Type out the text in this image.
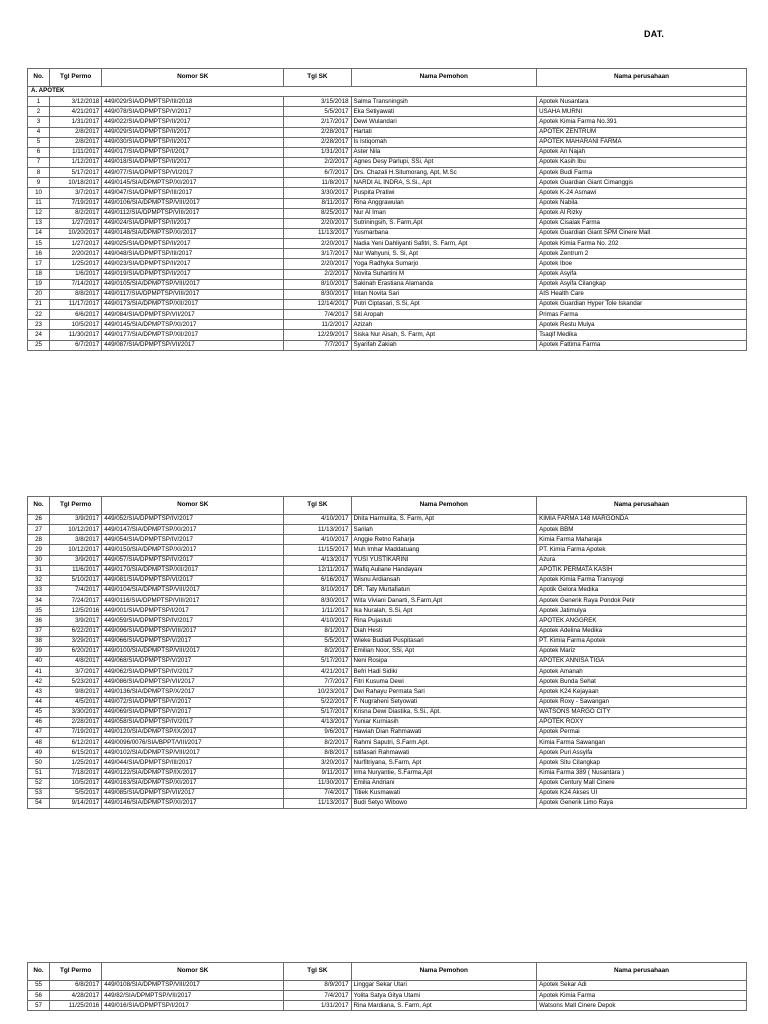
DAT.
No.	Tgl Permo	Nomor SK	Tgl SK	Nama Pemohon	Nama perusahaan
A. APOTEK					
1	3/12/2018	449/029/SIA/DPMPTSP/III/2018	3/15/2018	Salma Transningsih	Apotek Nusantara
2	4/21/2017	449/078/SIA/DPMPTSP/V/2017	5/5/2017	Eka Setiyawati	USAHA MURNI
3	1/31/2017	449/022/SIA/DPMPTSP/II/2017	2/17/2017	Dewi Wulandari	Apotek Kimia Farma No.391
4	2/8/2017	449/029/SIA/DPMPTSP/II/2017	2/28/2017	Hartati	APOTEK ZENTRUM
5	2/8/2017	449/030/SIA/DPMPTSP/II/2017	2/28/2017	Is Istiqomah	APOTEK MAHARANI FARMA
6	1/11/2017	449/017/SIA/DPMPTSP/I/2017	1/31/2017	Aster Nila	Apotek An Najah
7	1/12/2017	449/018/SIA/DPMPTSP/II/2017	2/2/2017	Agnes Desy Parlupi, SSi, Apt	Apotek Kasih Ibu
8	5/17/2017	449/077/SIA/DPMPTSP/VI/2017	6/7/2017	Drs. Chazali H.Situmorang, Apt, M.Sc	Apotek Budi Farma
9	10/18/2017	449/0145/SIA/DPMPTSP/XI/2017	11/8/2017	NARDI AL INDRA, S.Si., Apt	Apotek Guardian Giant Cimanggis
10	3/7/2017	449/047/SIA/DPMPTSP/III/2017	3/30/2017	Puspita Pratiwi	Apotek K-24 Asmawi
11	7/19/2017	449/0106/SIA/DPMPTSP/VIII/2017	8/11/2017	Rina Anggrawulan	Apotek Nabila
12	8/2/2017	449/0112/SIA/DPMPTSP/VIII/2017	8/25/2017	Nur Al Iman	Apotek Al Rizky
13	1/27/2017	449/024/SIA/DPMPTSP/II/2017	2/20/2017	Sutriningsih, S. Farm,Apt	Apotek Cisalak Farma
14	10/20/2017	449/0148/SIA/DPMPTSP/XI/2017	11/13/2017	Yusmarbana	Apotek Guardian Giant SPM Cinere Mall
15	1/27/2017	449/025/SIA/DPMPTSP/II/2017	2/20/2017	Nadia Yeni Dahliyanti Safitri, S. Farm, Apt	Apotek Kimia Farma No. 202
16	2/20/2017	449/048/SIA/DPMPTSP/III/2017	3/17/2017	Nur Wahyuni, S. Si, Apt	Apotek Zentrum 2
17	1/25/2017	449/023/SIA/DPMPTSP/II/2017	2/20/2017	Yoga Radhyka Sumarjo	Apotek Iboe
18	1/6/2017	449/019/SIA/DPMPTSP/II/2017	2/2/2017	Novita Suhartini M	Apotek Asyifa
19	7/14/2017	449/0105/SIA/DPMPTSP/VIII/2017	8/10/2017	Sakinah Erastiana Alamanda	Apotek Asyifa Cilangkap
20	8/8/2017	449/0117/SIA/DPMPTSP/VIII/2017	8/30/2017	Intan Novita Sari	AIS Health Care
21	11/17/2017	449/0173/SIA/DPMPTSP/XII/2017	12/14/2017	Putri Ciptasari, S.Si, Apt	Apotek Guardian Hyper Tole Iskandar
22	6/6/2017	449/084/SIA/DPMPTSP/VII/2017	7/4/2017	Siti Aropah	Primas Farma
23	10/5/2017	449/0145/SIA/DPMPTSP/XI/2017	11/2/2017	Azizah	Apotek Restu Mulya
24	11/30/2017	449/0177/SIA/DPMPTSP/XII/2017	12/29/2017	Siska Nur Aisah, S. Farm, Apt	Tsaqif Medika
25	6/7/2017	449/087/SIA/DPMPTSP/VII/2017	7/7/2017	Syarifah Zakiah	Apotek Fattima Farma
No.	Tgl Permo	Nomor SK	Tgl SK	Nama Pemohon	Nama perusahaan
26	3/9/2017	449/052/SIA/DPMPTSP/IV/2017	4/10/2017	Dhita Harmulita, S. Farm, Apt	KIMIA FARMA 148 MARGONDA
27	10/12/2017	449/0147/SIA/DPMPTSP/XI/2017	11/13/2017	Sarilah	Apotek BBM
28	3/8/2017	449/054/SIA/DPMPTSP/IV/2017	4/10/2017	Anggie Retno Raharja	Kimia Farma Maharaja
29	10/12/2017	449/0150/SIA/DPMPTSP/XI/2017	11/15/2017	Muh Imhar Maddatuang	PT. Kimia Farma Apotek
30	3/9/2017	449/057/SIA/DPMPTSP/IV/2017	4/13/2017	YUSI YUSTIKARINI	Azura
31	11/6/2017	449/0170/SIA/DPMPTSP/XII/2017	12/11/2017	Wafiq Auliane Handayani	APOTIK PERMATA KASIH
32	5/10/2017	449/081/SIA/DPMPTSP/VI/2017	6/16/2017	Wisnu Ardiansah	Apotek Kimia Farma Transyogi
33	7/4/2017	449/0104/SIA/DPMPTSP/VIII/2017	8/10/2017	DR. Taty Murtafiatun	Apotik Gelora Medika
34	7/24/2017	449/0116/SIA/DPMPTSP/VIII/2017	8/30/2017	Wita Viviani Danarti, S.Farm,Apt	Apotek Generik Raya Pondok Petir
35	12/5/2016	449/001/SIA/DPMPTSP/I/2017	1/11/2017	Ika Nuralah, S.Si, Apt	Apotek Jatimulya
36	3/9/2017	449/059/SIA/DPMPTSP/IV/2017	4/10/2017	Rina Pujastuti	APOTEK ANGGREK
37	6/22/2017	449/096/SIA/DPMPTSP/VIII/2017	8/1/2017	Diah Hesti	Apotek Adelina Medika
38	3/29/2017	449/066/SIA/DPMPTSP/V/2017	5/5/2017	Wieke Budiati Puspitasari	PT. Kimia Farma Apotek
39	6/20/2017	449/0100/SIA/DPMPTSP/VIII/2017	8/2/2017	Emilian Noor, SSi, Apt	Apotek Mariz
40	4/8/2017	449/068/SIA/DPMPTSP/V/2017	5/17/2017	Neni Rosipa	APOTEK ANNISA TIGA
41	3/7/2017	449/062/SIA/DPMPTSP/IV/2017	4/21/2017	Befri Hadi Sidiki	Apotek Amanah
42	5/23/2017	449/086/SIA/DPMPTSP/VII/2017	7/7/2017	Fitri Kusuma Dewi	Apotek Bunda Sehat
43	9/8/2017	449/0136/SIA/DPMPTSP/X/2017	10/23/2017	Dwi Rahayu Permata Sari	Apotek K24 Kejayaan
44	4/5/2017	449/072/SIA/DPMPTSP/V/2017	5/22/2017	F. Nugraheni Setyowati	Apotek Roxy - Sawangan
45	3/30/2017	449/069/SIA/DPMPTSP/V/2017	5/17/2017	Krisna Dewi Diastika, S.Si., Apt.	WATSONS MARGO CITY
46	2/28/2017	449/058/SIA/DPMPTSP/IV/2017	4/13/2017	Yuniar Kurniasih	APOTEK ROXY
47	7/19/2017	449/0120/SIA/DPMPTSP/IX/2017	9/6/2017	Hawiah Dian Rahmawati	Apotek Permai
48	6/12/2017	449/0096/0076/SIA/BPPT/VIII/2017	8/2/2017	Rahmi Saputri, S.Farm.Apt.	Kimia Farma Sawangan
49	6/15/2017	449/0102/SIA/DPMPTSP/VIII/2017	8/8/2017	Istifasari Rahmawati	Apotek Puri Assyifa
50	1/25/2017	449/044/SIA/DPMPTSP/III/2017	3/20/2017	Nurfitriyana, S.Farm, Apt	Apotek Situ Cilangkap
51	7/18/2017	449/0122/SIA/DPMPTSP/IX/2017	9/11/2017	Irma Nuryantie, S.Farma,Apt	Kimia Farma 389 ( Nusantara )
52	10/5/2017	449/0163/SIA/DPMPTSP/XI/2017	11/30/2017	Emilia Andriani	Apotek Century Mall Cinere
53	5/5/2017	449/085/SIA/DPMPTSP/VII/2017	7/4/2017	Titiek Kusmawati	Apotek K24 Akses UI
54	9/14/2017	449/0146/SIA/DPMPTSP/XI/2017	11/13/2017	Budi Setyo Wibowo	Apotek Generik Limo Raya
No.	Tgl Permo	Nomor SK	Tgl SK	Nama Pemohon	Nama perusahaan
55	6/8/2017	449/0108/SIA/DPMPTSP/VIII/2017	8/9/2017	Linggar Sekar Utari	Apotek Sekar Adi
56	4/28/2017	449/82/SIA/DPMPTSP/VII/2017	7/4/2017	Yolita Satya Gitya Utami	Apotek Kimia Farma
57	11/25/2016	449/016/SIA/DPMPTSP/I/2017	1/31/2017	Rina Mardiana, S. Farm, Apt	Watsons Mall Cinere Depok
